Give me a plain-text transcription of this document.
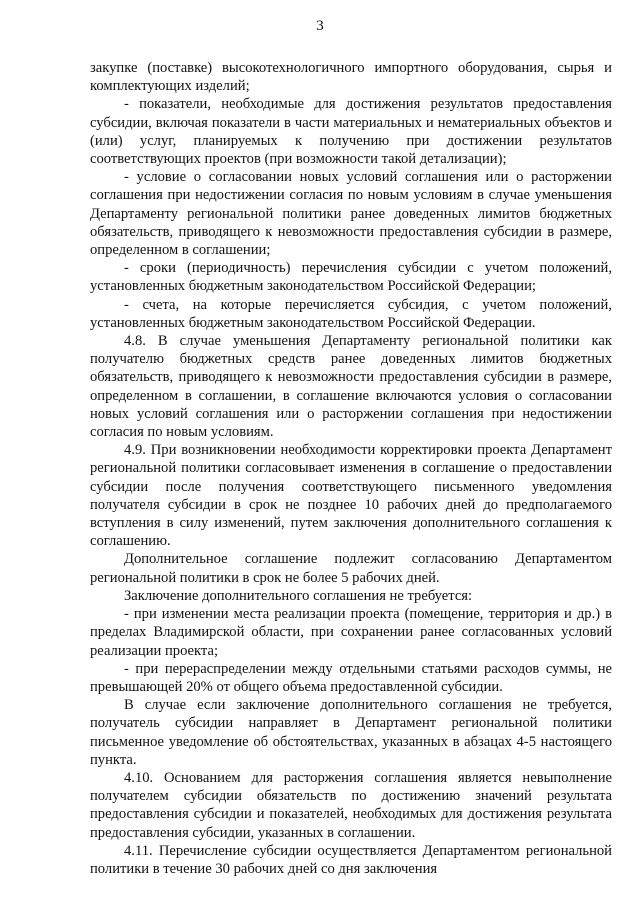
3

закупке (поставке) высокотехнологичного импортного оборудования, сырья и комплектующих изделий;

- показатели, необходимые для достижения результатов предоставления субсидии, включая показатели в части материальных и нематериальных объектов и (или) услуг, планируемых к получению при достижении результатов соответствующих проектов (при возможности такой детализации);

- условие о согласовании новых условий соглашения или о расторжении соглашения при недостижении согласия по новым условиям в случае уменьшения Департаменту региональной политики ранее доведенных лимитов бюджетных обязательств, приводящего к невозможности предоставления субсидии в размере, определенном в соглашении;

- сроки (периодичность) перечисления субсидии с учетом положений, установленных бюджетным законодательством Российской Федерации;

- счета, на которые перечисляется субсидия, с учетом положений, установленных бюджетным законодательством Российской Федерации.

4.8. В случае уменьшения Департаменту региональной политики как получателю бюджетных средств ранее доведенных лимитов бюджетных обязательств, приводящего к невозможности предоставления субсидии в размере, определенном в соглашении, в соглашение включаются условия о согласовании новых условий соглашения или о расторжении соглашения при недостижении согласия по новым условиям.

4.9. При возникновении необходимости корректировки проекта Департамент региональной политики согласовывает изменения в соглашение о предоставлении субсидии после получения соответствующего письменного уведомления получателя субсидии в срок не позднее 10 рабочих дней до предполагаемого вступления в силу изменений, путем заключения дополнительного соглашения к соглашению.

Дополнительное соглашение подлежит согласованию Департаментом региональной политики в срок не более 5 рабочих дней.

Заключение дополнительного соглашения не требуется:

- при изменении места реализации проекта (помещение, территория и др.) в пределах Владимирской области, при сохранении ранее согласованных условий реализации проекта;

- при перераспределении между отдельными статьями расходов суммы, не превышающей 20% от общего объема предоставленной субсидии.

В случае если заключение дополнительного соглашения не требуется, получатель субсидии направляет в Департамент региональной политики письменное уведомление об обстоятельствах, указанных в абзацах 4-5 настоящего пункта.

4.10. Основанием для расторжения соглашения является невыполнение получателем субсидии обязательств по достижению значений результата предоставления субсидии и показателей, необходимых для достижения результата предоставления субсидии, указанных в соглашении.

4.11. Перечисление субсидии осуществляется Департаментом региональной политики в течение 30 рабочих дней со дня заключения
